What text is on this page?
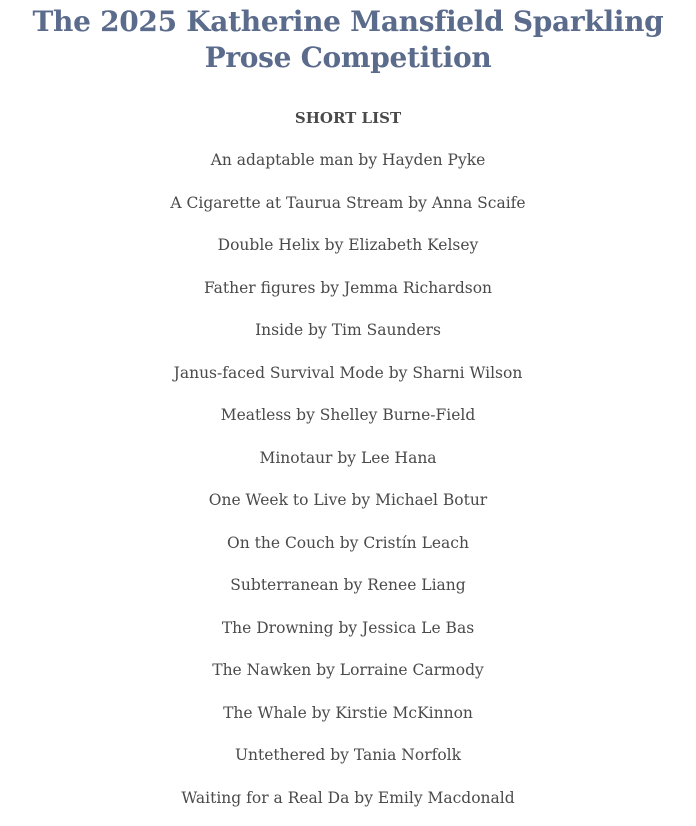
The 2025 Katherine Mansfield Sparkling Prose Competition
SHORT LIST
An adaptable man by Hayden Pyke
A Cigarette at Taurua Stream by Anna Scaife
Double Helix by Elizabeth Kelsey
Father figures by Jemma Richardson
Inside by Tim Saunders
Janus-faced Survival Mode by Sharni Wilson
Meatless by Shelley Burne-Field
Minotaur by Lee Hana
One Week to Live by Michael Botur
On the Couch by Cristín Leach
Subterranean by Renee Liang
The Drowning by Jessica Le Bas
The Nawken by Lorraine Carmody
The Whale by Kirstie McKinnon
Untethered by Tania Norfolk
Waiting for a Real Da by Emily Macdonald
